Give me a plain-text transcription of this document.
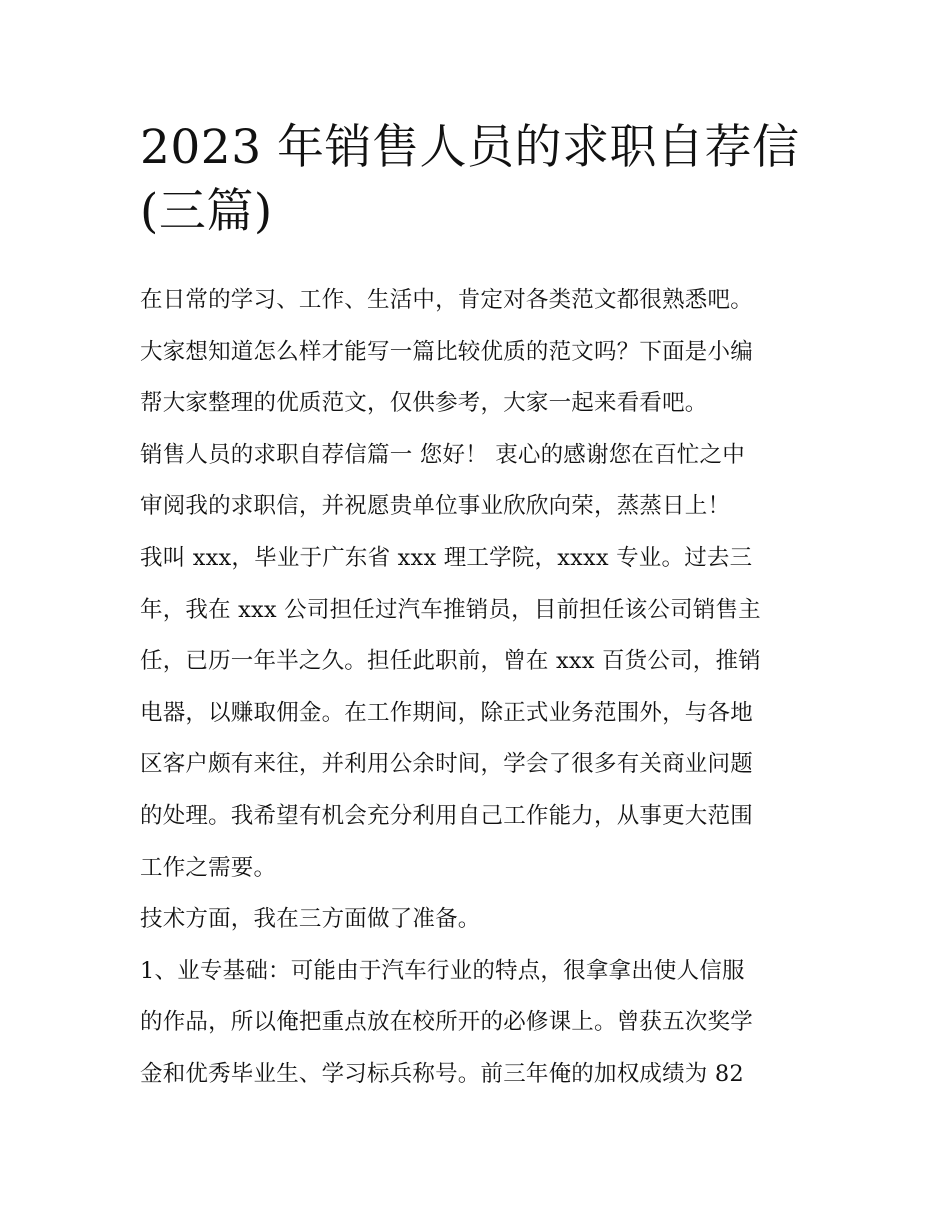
2023 年销售人员的求职自荐信
(三篇)
在日常的学习、工作、生活中，肯定对各类范文都很熟悉吧。
大家想知道怎么样才能写一篇比较优质的范文吗？下面是小编
帮大家整理的优质范文，仅供参考，大家一起来看看吧。
销售人员的求职自荐信篇一 您好！ 衷心的感谢您在百忙之中
审阅我的求职信，并祝愿贵单位事业欣欣向荣，蒸蒸日上！
我叫 xxx，毕业于广东省 xxx 理工学院，xxxx 专业。过去三
年，我在 xxx 公司担任过汽车推销员，目前担任该公司销售主
任，已历一年半之久。担任此职前，曾在 xxx 百货公司，推销
电器，以赚取佣金。在工作期间，除正式业务范围外，与各地
区客户颇有来往，并利用公余时间，学会了很多有关商业问题
的处理。我希望有机会充分利用自己工作能力，从事更大范围
工作之需要。
技术方面，我在三方面做了准备。
1、业专基础：可能由于汽车行业的特点，很拿拿出使人信服
的作品，所以俺把重点放在校所开的必修课上。曾获五次奖学
金和优秀毕业生、学习标兵称号。前三年俺的加权成绩为 82
